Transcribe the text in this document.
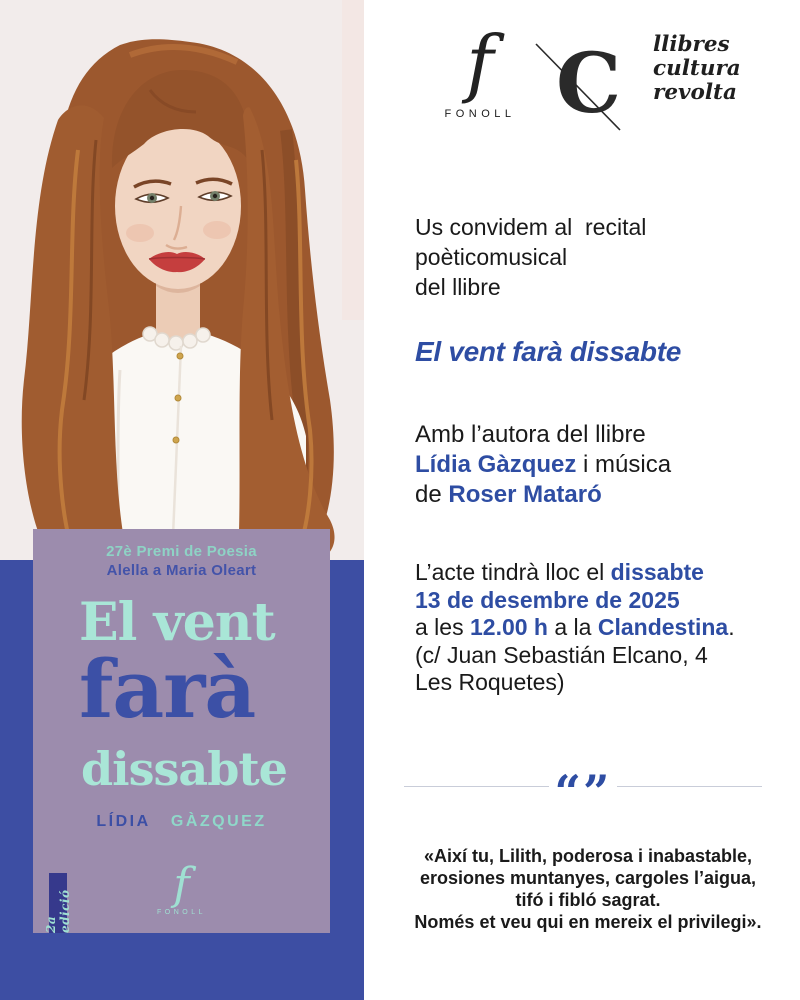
27è Premi de Poesia
Alella a Maria Oleart
El vent
farà
dissabte
LÍDIA GÀZQUEZ
f
FONOLL
2a edició
f
FONOLL C llibres
cultura
revolta
Us convidem al  recital poèticomusical
del llibre
El vent farà dissabte
Amb l’autora del llibre
Lídia Gàzquez i música
de Roser Mataró
L’acte tindrà lloc el dissabte
13 de desembre de 2025
a les 12.00 h a la Clandestina.
(c/ Juan Sebastián Elcano, 4
Les Roquetes)
“”
«Així tu, Lilith, poderosa i inabastable,
erosiones muntanyes, cargoles l’aigua,
tifó i fibló sagrat.
Només et veu qui en mereix el privilegi».
